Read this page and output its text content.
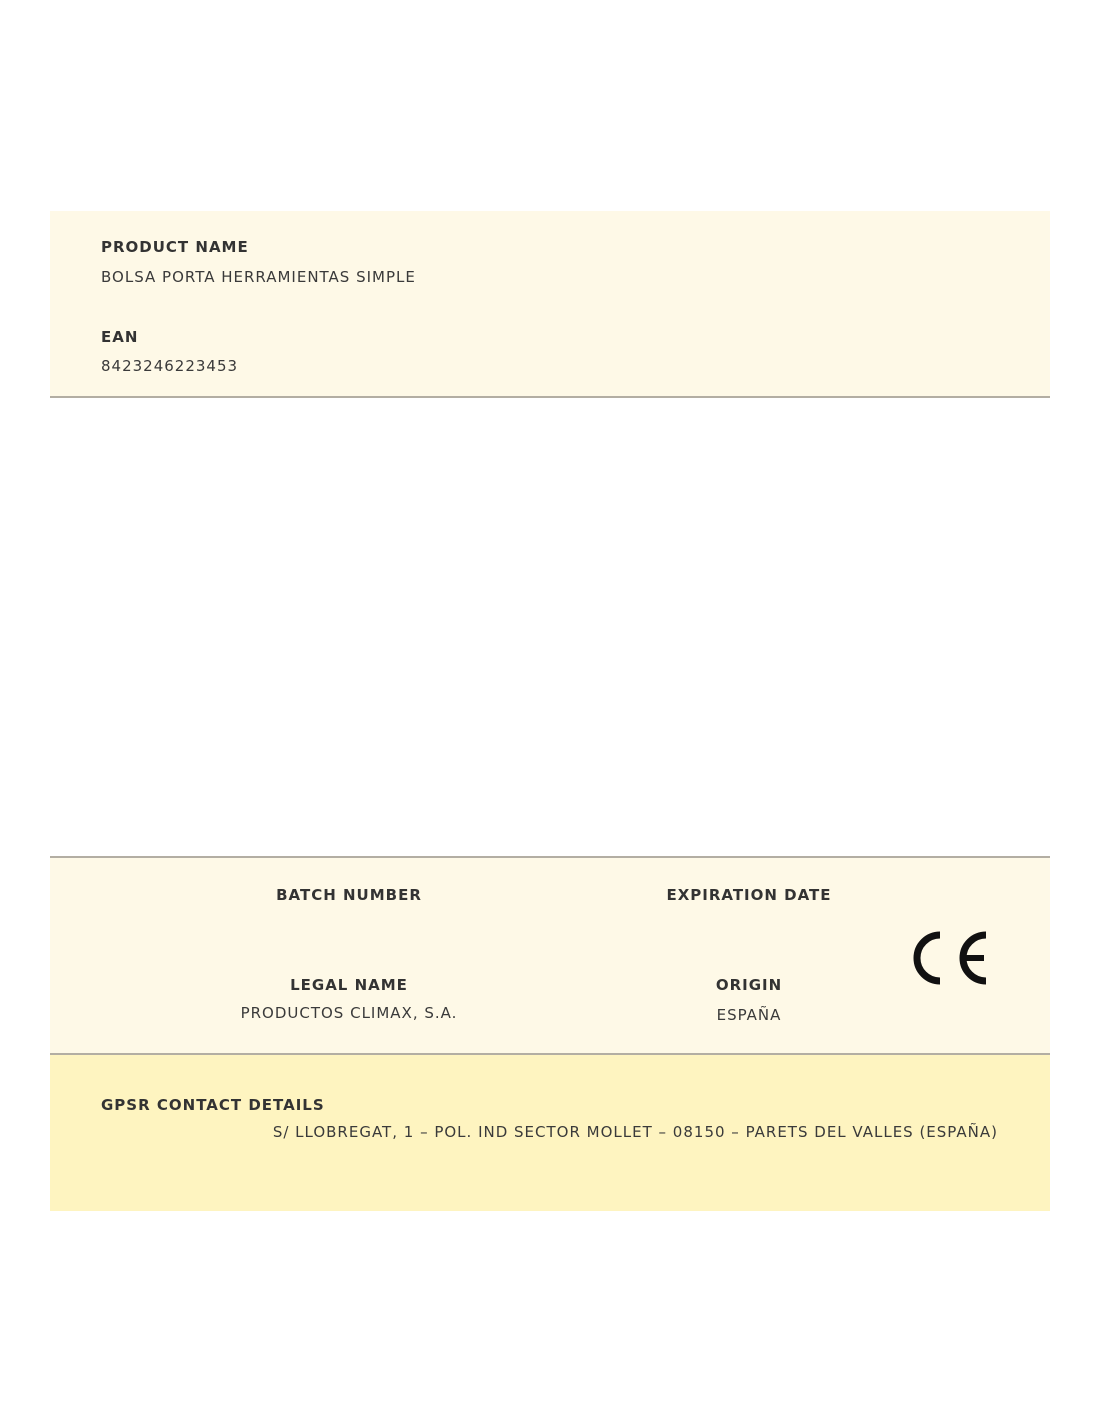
PRODUCT NAME
BOLSA PORTA HERRAMIENTAS SIMPLE
EAN
8423246223453
BATCH NUMBER	EXPIRATION DATE
LEGAL NAME
PRODUCTOS CLIMAX, S.A.
ORIGIN
ESPAÑA
GPSR CONTACT DETAILS
S/ LLOBREGAT, 1 – POL. IND SECTOR MOLLET – 08150 – PARETS DEL VALLES (ESPAÑA)
